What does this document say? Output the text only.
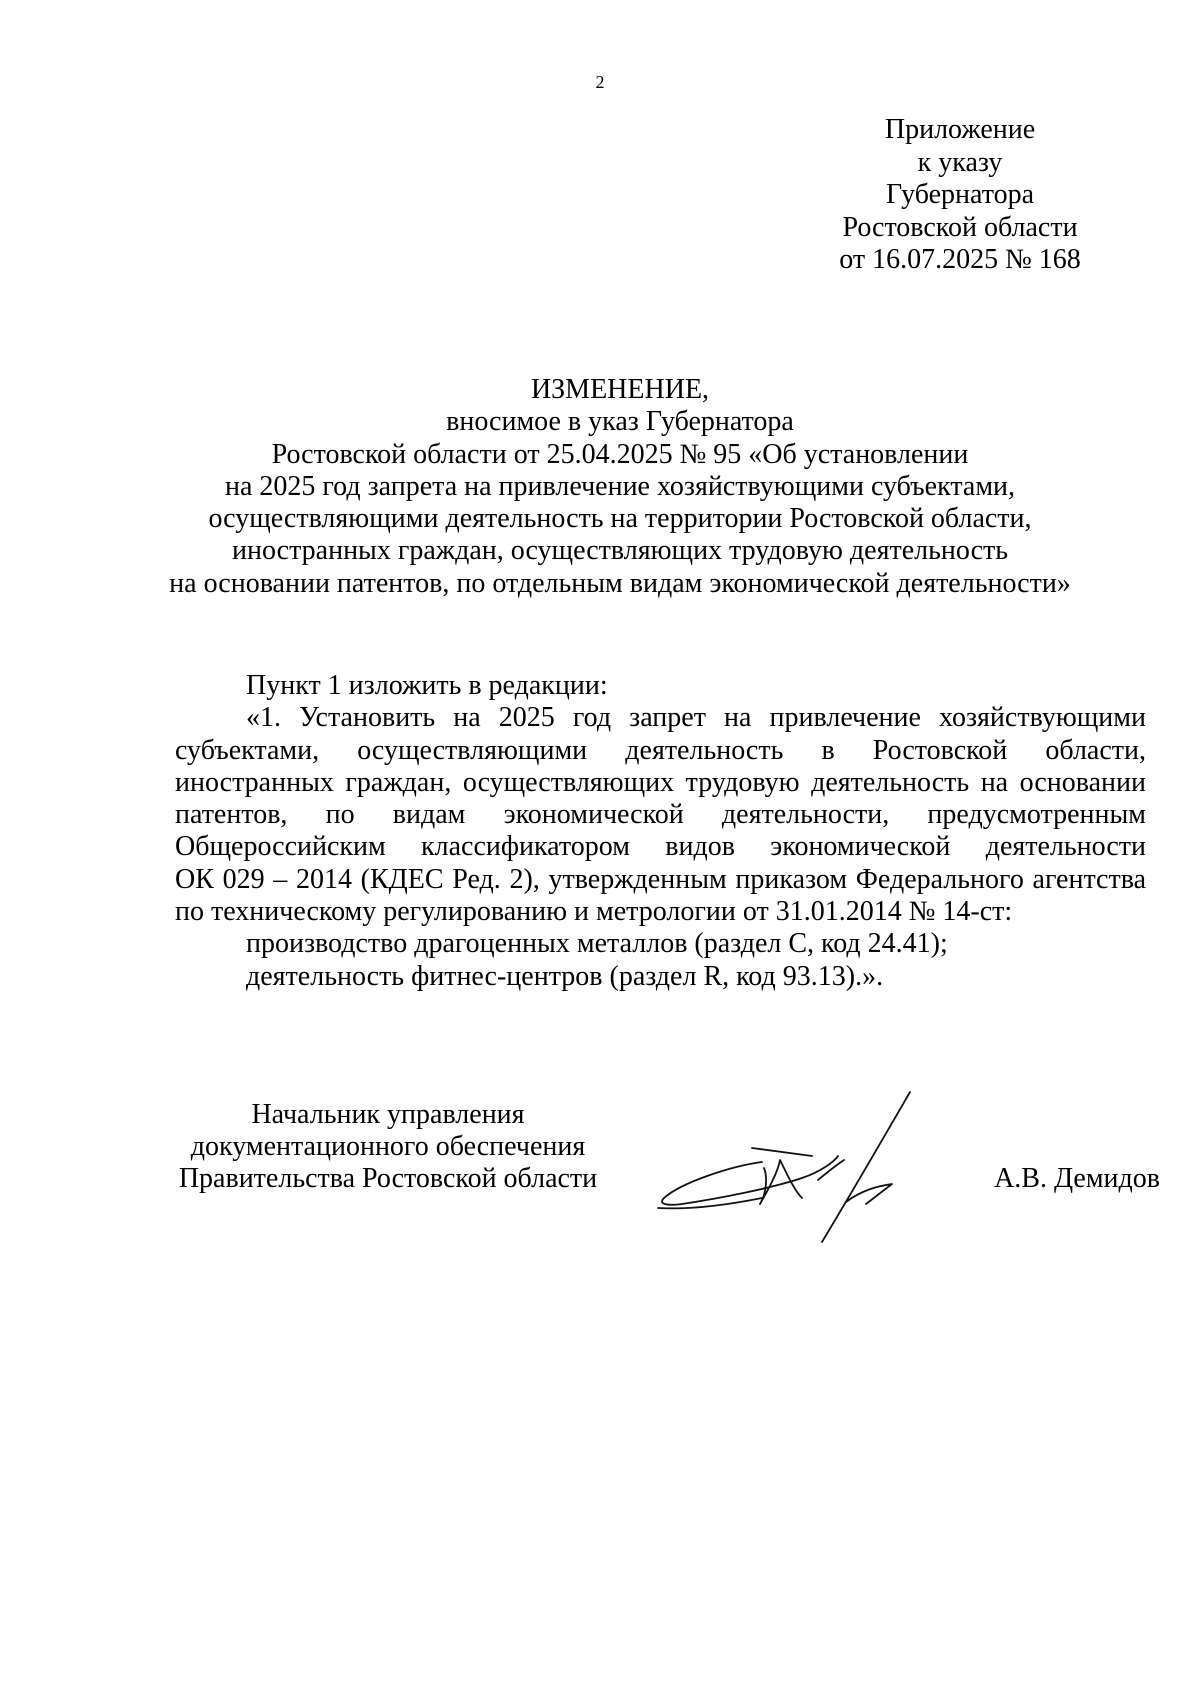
2
Приложение
к указу
Губернатора
Ростовской области
от 16.07.2025 № 168
ИЗМЕНЕНИЕ,
вносимое в указ Губернатора
Ростовской области от 25.04.2025 № 95 «Об установлении
на 2025 год запрета на привлечение хозяйствующими субъектами,
осуществляющими деятельность на территории Ростовской области,
иностранных граждан, осуществляющих трудовую деятельность
на основании патентов, по отдельным видам экономической деятельности»
Пункт 1 изложить в редакции:
«1. Установить на 2025 год запрет на привлечение хозяйствующими
субъектами, осуществляющими деятельность в Ростовской области,
иностранных граждан, осуществляющих трудовую деятельность на основании
патентов, по видам экономической деятельности, предусмотренным
Общероссийским классификатором видов экономической деятельности
ОК 029 – 2014 (КДЕС Ред. 2), утвержденным приказом Федерального агентства
по техническому регулированию и метрологии от 31.01.2014 № 14-ст:
производство драгоценных металлов (раздел C, код 24.41);
деятельность фитнес-центров (раздел R, код 93.13).».
Начальник управления
документационного обеспечения
Правительства Ростовской области	А.В. Демидов
